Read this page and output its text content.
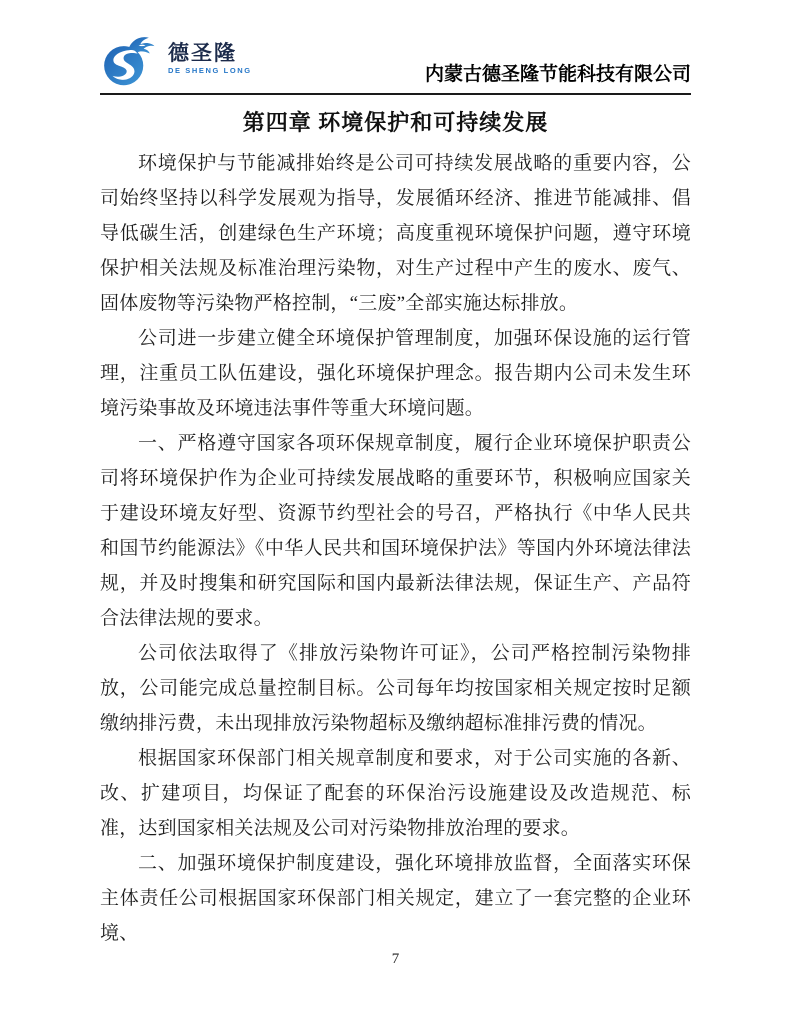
德圣隆
DE SHENG LONG	内蒙古德圣隆节能科技有限公司
第四章 环境保护和可持续发展

环境保护与节能减排始终是公司可持续发展战略的重要内容，公司始终坚持以科学发展观为指导，发展循环经济、推进节能减排、倡导低碳生活，创建绿色生产环境；高度重视环境保护问题，遵守环境保护相关法规及标准治理污染物，对生产过程中产生的废水、废气、固体废物等污染物严格控制，“三废”全部实施达标排放。

公司进一步建立健全环境保护管理制度，加强环保设施的运行管理，注重员工队伍建设，强化环境保护理念。报告期内公司未发生环境污染事故及环境违法事件等重大环境问题。

一、严格遵守国家各项环保规章制度，履行企业环境保护职责公司将环境保护作为企业可持续发展战略的重要环节，积极响应国家关于建设环境友好型、资源节约型社会的号召，严格执行《中华人民共和国节约能源法》《中华人民共和国环境保护法》等国内外环境法律法规，并及时搜集和研究国际和国内最新法律法规，保证生产、产品符合法律法规的要求。

公司依法取得了《排放污染物许可证》，公司严格控制污染物排放，公司能完成总量控制目标。公司每年均按国家相关规定按时足额缴纳排污费，未出现排放污染物超标及缴纳超标准排污费的情况。

根据国家环保部门相关规章制度和要求，对于公司实施的各新、改、扩建项目，均保证了配套的环保治污设施建设及改造规范、标准，达到国家相关法规及公司对污染物排放治理的要求。

二、加强环境保护制度建设，强化环境排放监督，全面落实环保主体责任公司根据国家环保部门相关规定，建立了一套完整的企业环境、

7
